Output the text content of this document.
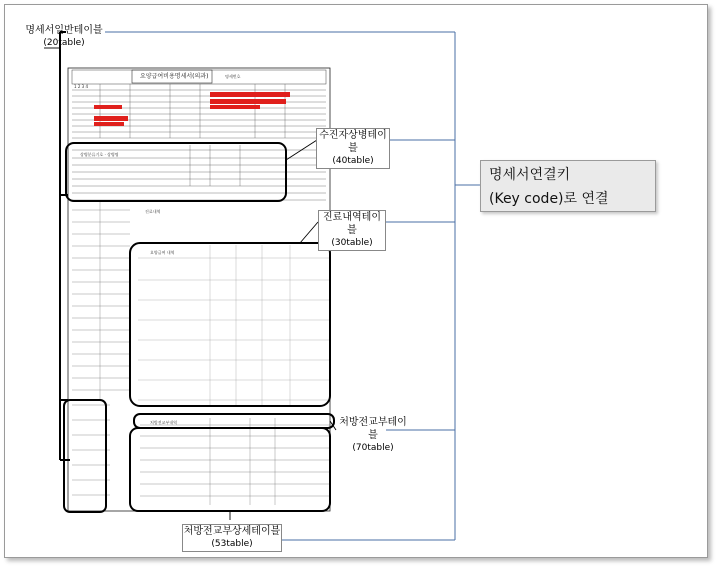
1 2 3 4
요양급여비용명세서(의과)	명세번호
상병분류기호 · 상병명
진료내역
요양급여 내역
처방전교부내역
명세서일반테이블
(20table)
수진자상병테이블
(40table)
진료내역테이블
(30table)
처방전교부테이블
(70table)
처방전교부상세테이블
(53table)
명세서연결키
(Key code)로 연결
